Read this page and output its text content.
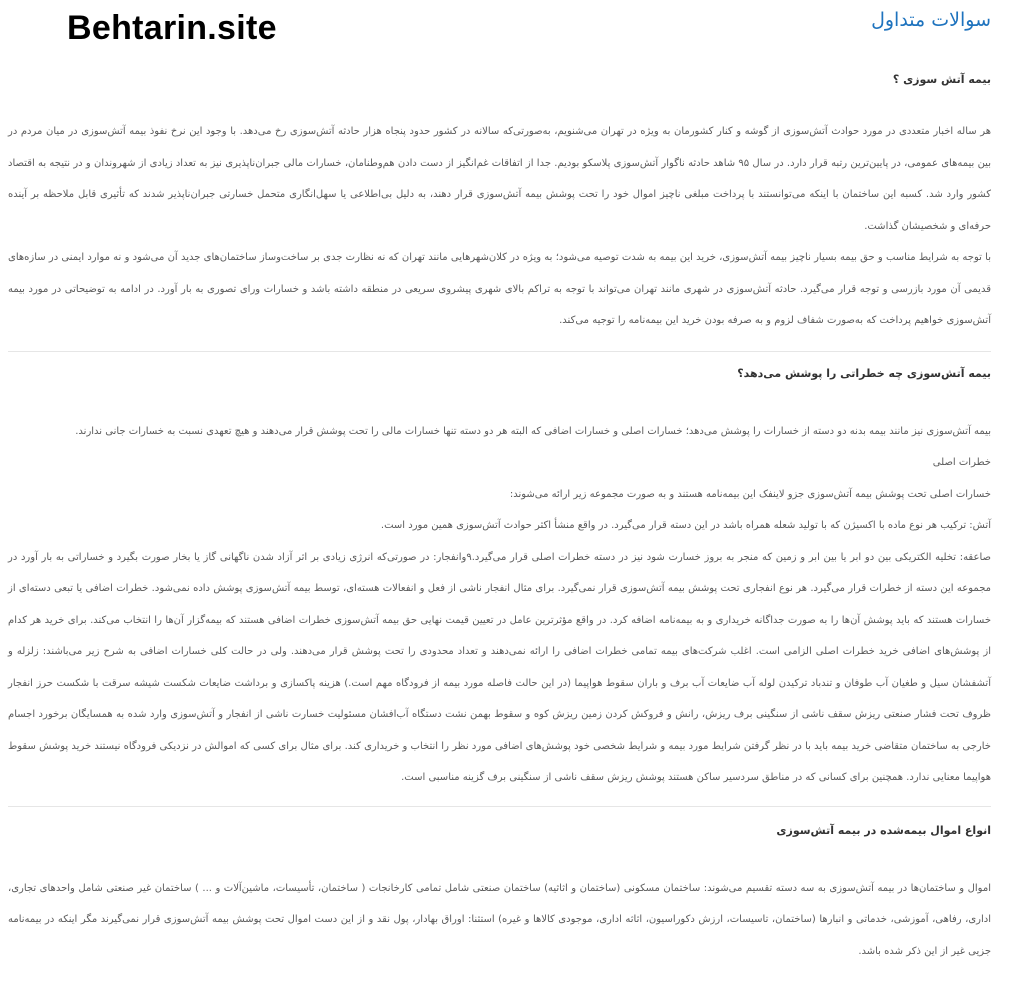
Behtarin.site	سوالات متداول
بیمه آتش سوزی ؟

هر ساله اخبار متعددی در مورد حوادث آتش‌سوزی از گوشه و کنار کشورمان به ویژه در تهران می‌شنویم، به‌صورتی‌که سالانه در کشور حدود پنجاه هزار حادثه آتش‌سوزی رخ می‌دهد. با وجود این نرخ نفوذ بیمه آتش‌سوزی در میان مردم در بین بیمه‌های عمومی، در پایین‌ترین رتبه قرار دارد. در سال ۹۵ شاهد حادثه ناگوار آتش‌سوزی پلاسکو بودیم. جدا از اتفاقات غم‌انگیز از دست دادن هم‌وطنامان، خسارات مالی جبران‌ناپذیری نیز به تعداد زیادی از شهروندان و در نتیجه به اقتصاد کشور وارد شد. کسبه این ساختمان با اینکه می‌توانستند با پرداخت مبلغی ناچیز اموال خود را تحت پوشش بیمه آتش‌سوزی قرار دهند، به دلیل بی‌اطلاعی یا سهل‌انگاری متحمل خسارتی جبران‌ناپذیر شدند که تأثیری قابل ملاحظه بر آینده حرفه‌ای و شخصیشان گذاشت.

با توجه به شرایط مناسب و حق بیمه بسیار ناچیز بیمه آتش‌سوزی، خرید این بیمه به شدت توصیه می‌شود؛ به ویژه در کلان‌شهرهایی مانند تهران که نه نظارت جدی بر ساخت‌وساز ساختمان‌های جدید آن می‌شود و نه موارد ایمنی در سازه‌های قدیمی آن مورد بازرسی و توجه قرار می‌گیرد. حادثه آتش‌سوزی در شهری مانند تهران می‌تواند با توجه به تراکم بالای شهری پیشروی سریعی در منطقه داشته باشد و خسارات ورای تصوری به بار آورد. در ادامه به توضیحاتی در مورد بیمه آتش‌سوزی خواهیم پرداخت که به‌صورت شفاف لزوم و به صرفه بودن خرید این بیمه‌نامه را توجیه می‌کند.

بیمه آتش‌سوزی چه خطراتی را پوشش می‌دهد؟

بیمه آتش‌سوزی نیز مانند بیمه بدنه دو دسته از خسارات را پوشش می‌دهد؛ خسارات اصلی و خسارات اضافی که البته هر دو دسته تنها خسارات مالی را تحت پوشش قرار می‌دهند و هیچ تعهدی نسبت به خسارات جانی ندارند.

خطرات اصلی

خسارات اصلی تحت پوشش بیمه آتش‌سوزی جزو لاینفک این بیمه‌نامه هستند و به صورت مجموعه زیر ارائه می‌شوند:

آتش: ترکیب هر نوع ماده با اکسیژن که با تولید شعله همراه باشد در این دسته قرار می‌گیرد. در واقع منشأ اکثر حوادث آتش‌سوزی همین مورد است.

صاعقه: تخلیه الکتریکی بین دو ابر یا بین ابر و زمین که منجر به بروز خسارت شود نیز در دسته خطرات اصلی قرار می‌گیرد.۹وانفجار: در صورتی‌که انرژی زیادی بر اثر آزاد شدن ناگهانی گاز یا بخار صورت بگیرد و خساراتی به بار آورد در مجموعه این دسته از خطرات قرار می‌گیرد. هر نوع انفجاری تحت پوشش بیمه آتش‌سوزی قرار نمی‌گیرد. برای مثال انفجار ناشی از فعل و انفعالات هسته‌ای، توسط بیمه آتش‌سوزی پوشش داده نمی‌شود. خطرات اضافی یا تبعی دسته‌ای از خسارات هستند که باید پوشش آن‌ها را به صورت جداگانه خریداری و به بیمه‌نامه اضافه کرد. در واقع مؤثرترین عامل در تعیین قیمت نهایی حق بیمه آتش‌سوزی خطرات اضافی هستند که بیمه‌گزار آن‌ها را انتخاب می‌کند. برای خرید هر کدام از پوشش‌های اضافی خرید خطرات اصلی الزامی است. اغلب شرکت‌های بیمه تمامی خطرات اضافی را ارائه نمی‌دهند و تعداد محدودی را تحت پوشش قرار می‌دهند. ولی در حالت کلی خسارات اضافی به شرح زیر می‌باشند: زلزله و آتشفشان سیل و طغیان آب طوفان و تندباد ترکیدن لوله آب ضایعات آب برف و باران سقوط هواپیما (در این حالت فاصله مورد بیمه از فرودگاه مهم است.) هزینه پاکسازی و برداشت ضایعات شکست شیشه سرقت با شکست حرز انفجار ظروف تحت فشار صنعتی ریزش سقف ناشی از سنگینی برف ریزش، رانش و فروکش کردن زمین ریزش کوه و سقوط بهمن نشت دستگاه آب‌افشان مسئولیت خسارت ناشی از انفجار و آتش‌سوزی وارد شده به همسایگان برخورد اجسام خارجی به ساختمان متقاضی خرید بیمه باید با در نظر گرفتن شرایط مورد بیمه و شرایط شخصی خود پوشش‌های اضافی مورد نظر را انتخاب و خریداری کند. برای مثال برای کسی که اموالش در نزدیکی فرودگاه نیستند خرید پوشش سقوط هواپیما معنایی ندارد. همچنین برای کسانی که در مناطق سردسیر ساکن هستند پوشش ریزش سقف ناشی از سنگینی برف گزینه مناسبی است.

انواع اموال بیمه‌شده در بیمه آتش‌سوزی

اموال و ساختمان‌ها در بیمه آتش‌سوزی به سه دسته تقسیم می‌شوند: ساختمان مسکونی (ساختمان و اثاثیه) ساختمان صنعتی شامل تمامی کارخانجات ( ساختمان، تأسیسات، ماشین‌آلات و ... ) ساختمان غیر صنعتی شامل واحدهای تجاری، اداری، رفاهی، آموزشی، خدماتی و انبارها (ساختمان، تاسیسات، ارزش دکوراسیون، اثاثه اداری، موجودی کالاها و غیره) استثنا: اوراق بهادار، پول نقد و از این دست اموال تحت پوشش بیمه آتش‌سوزی قرار نمی‌گیرند مگر اینکه در بیمه‌نامه جزیی غیر از این ذکر شده باشد.
